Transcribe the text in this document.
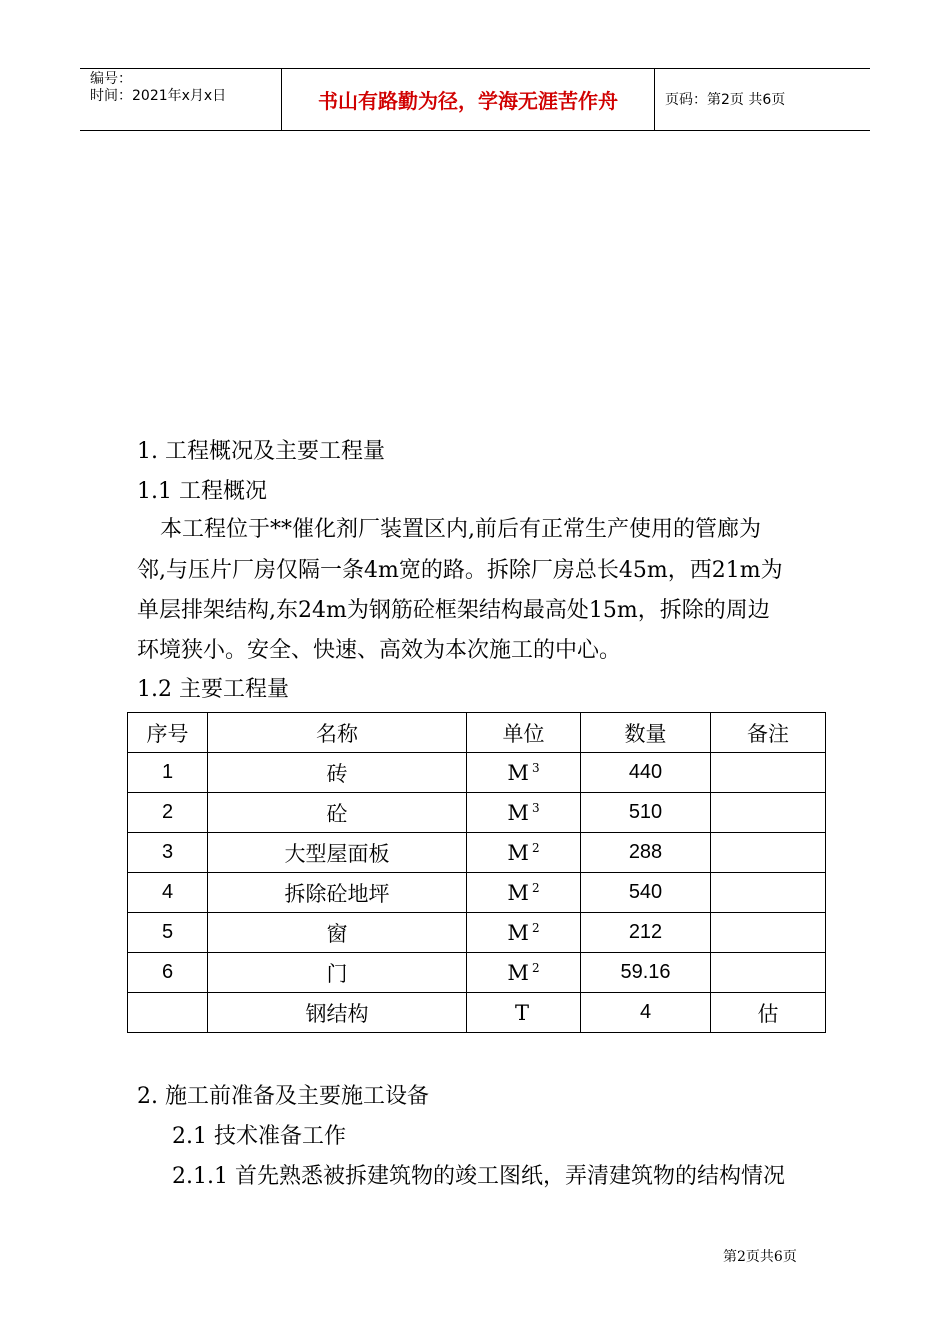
编号：
时间：2021年x月x日	书山有路勤为径，学海无涯苦作舟	页码：第2页 共6页
1. 工程概况及主要工程量
1.1 工程概况
本工程位于**催化剂厂装置区内,前后有正常生产使用的管廊为
邻,与压片厂房仅隔一条4m宽的路。拆除厂房总长45m，西21m为
单层排架结构,东24m为钢筋砼框架结构最高处15m，拆除的周边
环境狭小。安全、快速、高效为本次施工的中心。
1.2 主要工程量
序号	名称	单位	数量	备注
1	砖	M $^3$	440	
2	砼	M $^3$	510	
3	大型屋面板	M $^2$	288	
4	拆除砼地坪	M $^2$	540	
5	窗	M $^2$	212	
6	门	M $^2$	59.16	
	钢结构	T	4	估
2. 施工前准备及主要施工设备
2.1 技术准备工作
2.1.1 首先熟悉被拆建筑物的竣工图纸，弄清建筑物的结构情况
第2页共6页
